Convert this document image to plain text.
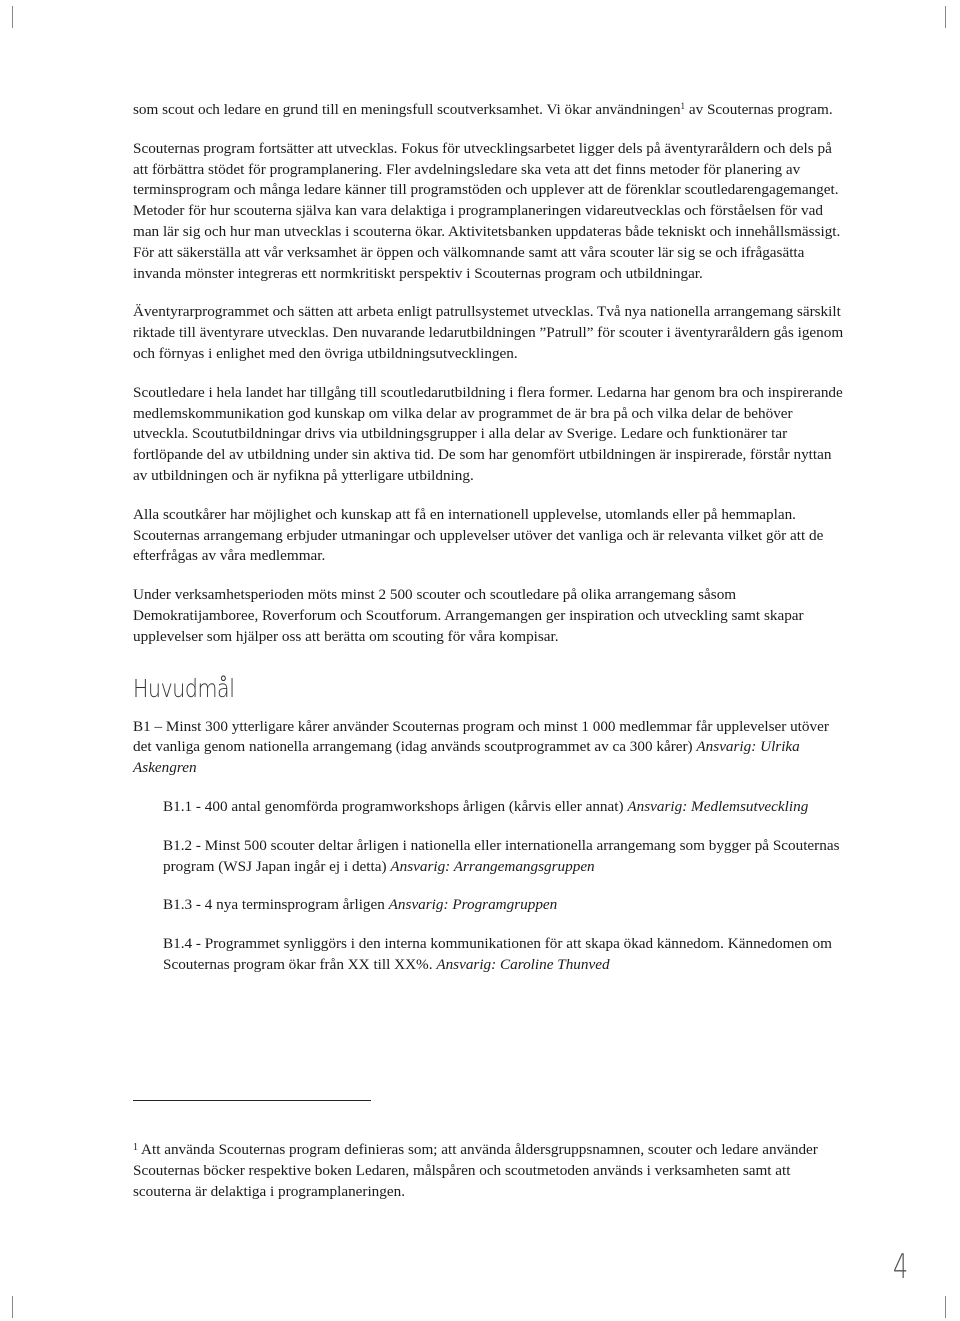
som scout och ledare en grund till en meningsfull scoutverksamhet. Vi ökar användningen$^1$ av Scouternas program.

Scouternas program fortsätter att utvecklas. Fokus för utvecklingsarbetet ligger dels på äventyraråldern och dels på att förbättra stödet för programplanering. Fler avdelningsledare ska veta att det finns metoder för planering av terminsprogram och många ledare känner till programstöden och upplever att de förenklar scoutledarengagemanget. Metoder för hur scouterna själva kan vara delaktiga i programplaneringen vidareutvecklas och förståelsen för vad man lär sig och hur man utvecklas i scouterna ökar. Aktivitetsbanken uppdateras både tekniskt och innehållsmässigt. För att säkerställa att vår verksamhet är öppen och välkomnande samt att våra scouter lär sig se och ifrågasätta invanda mönster integreras ett normkritiskt perspektiv i Scouternas program och utbildningar.

Äventyrarprogrammet och sätten att arbeta enligt patrullsystemet utvecklas. Två nya nationella arrangemang särskilt riktade till äventyrare utvecklas. Den nuvarande ledarutbildningen ”Patrull” för scouter i äventyraråldern gås igenom och förnyas i enlighet med den övriga utbildningsutvecklingen.

Scoutledare i hela landet har tillgång till scoutledarutbildning i flera former. Ledarna har genom bra och inspirerande medlemskommunikation god kunskap om vilka delar av programmet de är bra på och vilka delar de behöver utveckla. Scoututbildningar drivs via utbildningsgrupper i alla delar av Sverige. Ledare och funktionärer tar fortlöpande del av utbildning under sin aktiva tid. De som har genomfört utbildningen är inspirerade, förstår nyttan av utbildningen och är nyfikna på ytterligare utbildning.

Alla scoutkårer har möjlighet och kunskap att få en internationell upplevelse, utomlands eller på hemmaplan. Scouternas arrangemang erbjuder utmaningar och upplevelser utöver det vanliga och är relevanta vilket gör att de efterfrågas av våra medlemmar.

Under verksamhetsperioden möts minst 2 500 scouter och scoutledare på olika arrangemang såsom Demokratijamboree, Roverforum och Scoutforum. Arrangemangen ger inspiration och utveckling samt skapar upplevelser som hjälper oss att berätta om scouting för våra kompisar.

Huvudmål

B1 – Minst 300 ytterligare kårer använder Scouternas program och minst 1 000 medlemmar får upplevelser utöver det vanliga genom nationella arrangemang (idag används scoutprogrammet av ca 300 kårer) Ansvarig: Ulrika Askengren

B1.1 - 400 antal genomförda programworkshops årligen (kårvis eller annat) Ansvarig: Medlemsutveckling

B1.2 - Minst 500 scouter deltar årligen i nationella eller internationella arrangemang som bygger på Scouternas program (WSJ Japan ingår ej i detta) Ansvarig: Arrangemangsgruppen

B1.3 - 4 nya terminsprogram årligen Ansvarig: Programgruppen

B1.4 - Programmet synliggörs i den interna kommunikationen för att skapa ökad kännedom. Kännedomen om Scouternas program ökar från XX till XX%. Ansvarig: Caroline Thunved

$^1$ Att använda Scouternas program definieras som; att använda åldersgruppsnamnen, scouter och ledare använder Scouternas böcker respektive boken Ledaren, målspåren och scoutmetoden används i verksamheten samt att scouterna är delaktiga i programplaneringen.
4
